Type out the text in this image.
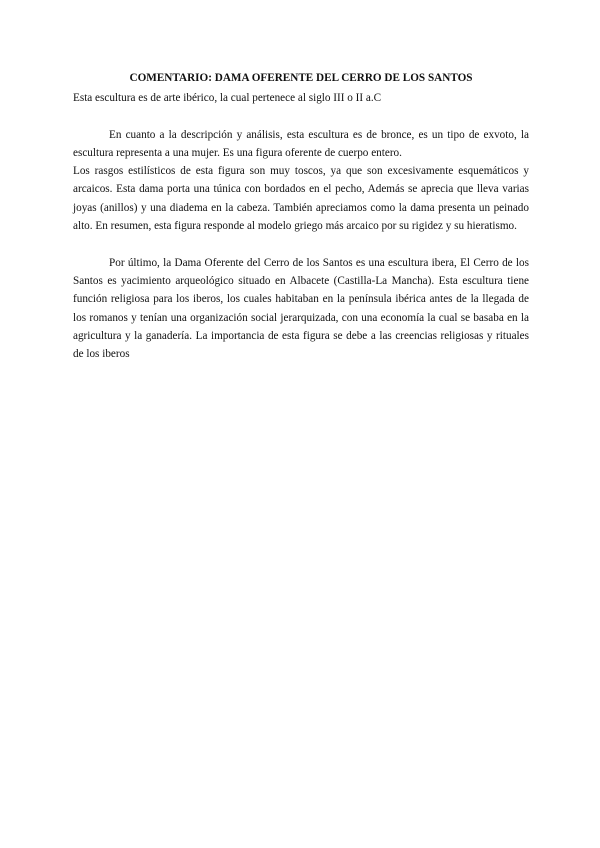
COMENTARIO: DAMA OFERENTE DEL CERRO DE LOS SANTOS

Esta escultura es de arte ibérico, la cual pertenece al siglo III o II a.C

En cuanto a la descripción y análisis, esta escultura es de bronce, es un tipo de exvoto, la escultura representa a una mujer. Es una figura oferente de cuerpo entero.

Los rasgos estilísticos de esta figura son muy toscos, ya que son excesivamente esquemáticos y arcaicos. Esta dama porta una túnica con bordados en el pecho, Además se aprecia que lleva varias joyas (anillos) y una diadema en la cabeza. También apreciamos como la dama presenta un peinado alto. En resumen, esta figura responde al modelo griego más arcaico por su rigidez y su hieratismo.

Por último, la Dama Oferente del Cerro de los Santos es una escultura ibera, El Cerro de los Santos es yacimiento arqueológico situado en Albacete (Castilla-La Mancha). Esta escultura tiene función religiosa para los iberos, los cuales habitaban en la península ibérica antes de la llegada de los romanos y tenían una organización social jerarquizada, con una economía la cual se basaba en la agricultura y la ganadería. La importancia de esta figura se debe a las creencias religiosas y rituales de los iberos
